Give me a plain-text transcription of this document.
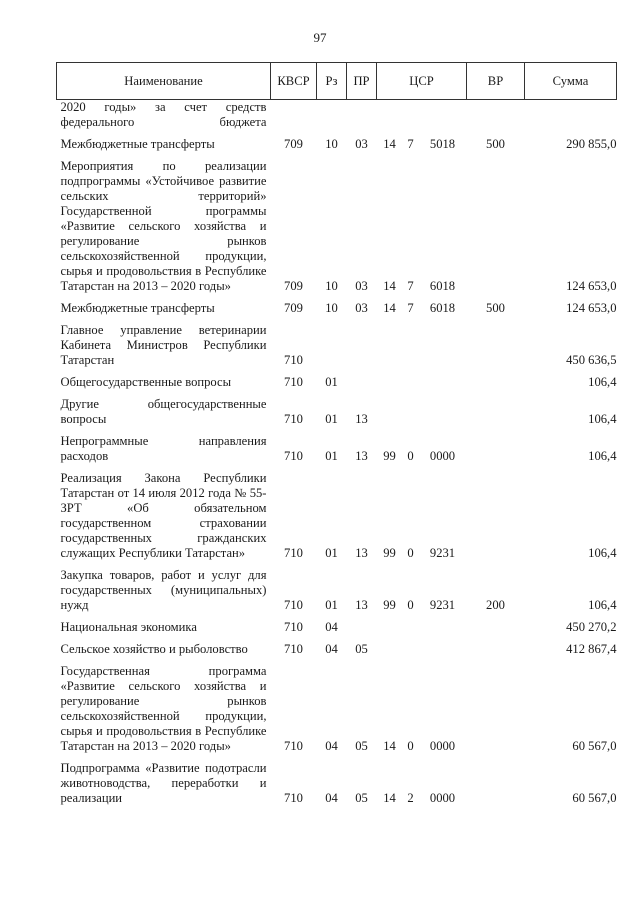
97
Наименование	КВСР	Рз	ПР	ЦСР			ВР	Сумма
2020 годы» за счет средств федерального бюджета								
Межбюджетные трансферты	709	10	03	14	7	5018	500	290 855,0
Мероприятия по реализации подпрограммы «Устойчивое развитие сельских территорий» Государственной программы «Развитие сельского хозяйства и регулирование рынков сельскохозяйственной продукции, сырья и продовольствия в Республике Татарстан на 2013 – 2020 годы»	709	10	03	14	7	6018		124 653,0
Межбюджетные трансферты	709	10	03	14	7	6018	500	124 653,0
Главное управление ветеринарии Кабинета Министров Республики Татарстан	710							450 636,5
Общегосударственные вопросы	710	01						106,4
Другие общегосударственные вопросы	710	01	13					106,4
Непрограммные направления расходов	710	01	13	99	0	0000		106,4
Реализация Закона Республики Татарстан от 14 июля 2012 года № 55-ЗРТ «Об обязательном государственном страховании государственных гражданских служащих Республики Татарстан»	710	01	13	99	0	9231		106,4
Закупка товаров, работ и услуг для государственных (муниципальных) нужд	710	01	13	99	0	9231	200	106,4
Национальная экономика	710	04						450 270,2
Сельское хозяйство и рыболовство	710	04	05					412 867,4
Государственная программа «Развитие сельского хозяйства и регулирование рынков сельскохозяйственной продукции, сырья и продовольствия в Республике Татарстан на 2013 – 2020 годы»	710	04	05	14	0	0000		60 567,0
Подпрограмма «Развитие подотрасли животноводства, переработки и реализации	710	04	05	14	2	0000		60 567,0
